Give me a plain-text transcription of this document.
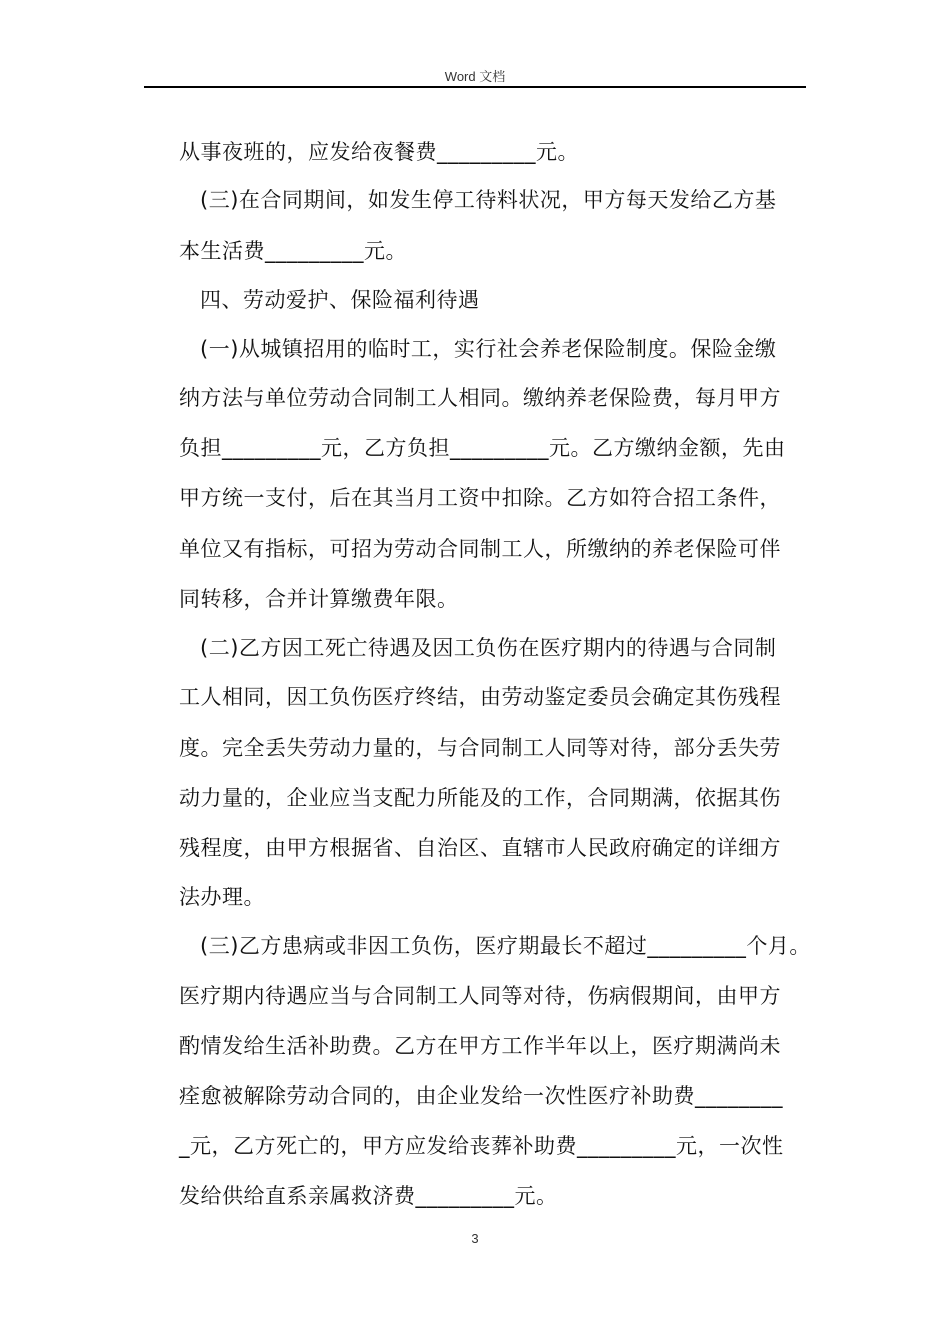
Word 文档
从事夜班的，应发给夜餐费_________元。
(三)在合同期间，如发生停工待料状况，甲方每天发给乙方基
本生活费_________元。
四、劳动爱护、保险福利待遇
(一)从城镇招用的临时工，实行社会养老保险制度。保险金缴
纳方法与单位劳动合同制工人相同。缴纳养老保险费，每月甲方
负担_________元，乙方负担_________元。乙方缴纳金额，先由
甲方统一支付，后在其当月工资中扣除。乙方如符合招工条件，
单位又有指标，可招为劳动合同制工人，所缴纳的养老保险可伴
同转移，合并计算缴费年限。
(二)乙方因工死亡待遇及因工负伤在医疗期内的待遇与合同制
工人相同，因工负伤医疗终结，由劳动鉴定委员会确定其伤残程
度。完全丢失劳动力量的，与合同制工人同等对待，部分丢失劳
动力量的，企业应当支配力所能及的工作，合同期满，依据其伤
残程度，由甲方根据省、自治区、直辖市人民政府确定的详细方
法办理。
(三)乙方患病或非因工负伤，医疗期最长不超过_________个月。
医疗期内待遇应当与合同制工人同等对待，伤病假期间，由甲方
酌情发给生活补助费。乙方在甲方工作半年以上，医疗期满尚未
痊愈被解除劳动合同的，由企业发给一次性医疗补助费________
_元，乙方死亡的，甲方应发给丧葬补助费_________元，一次性
发给供给直系亲属救济费_________元。
3
